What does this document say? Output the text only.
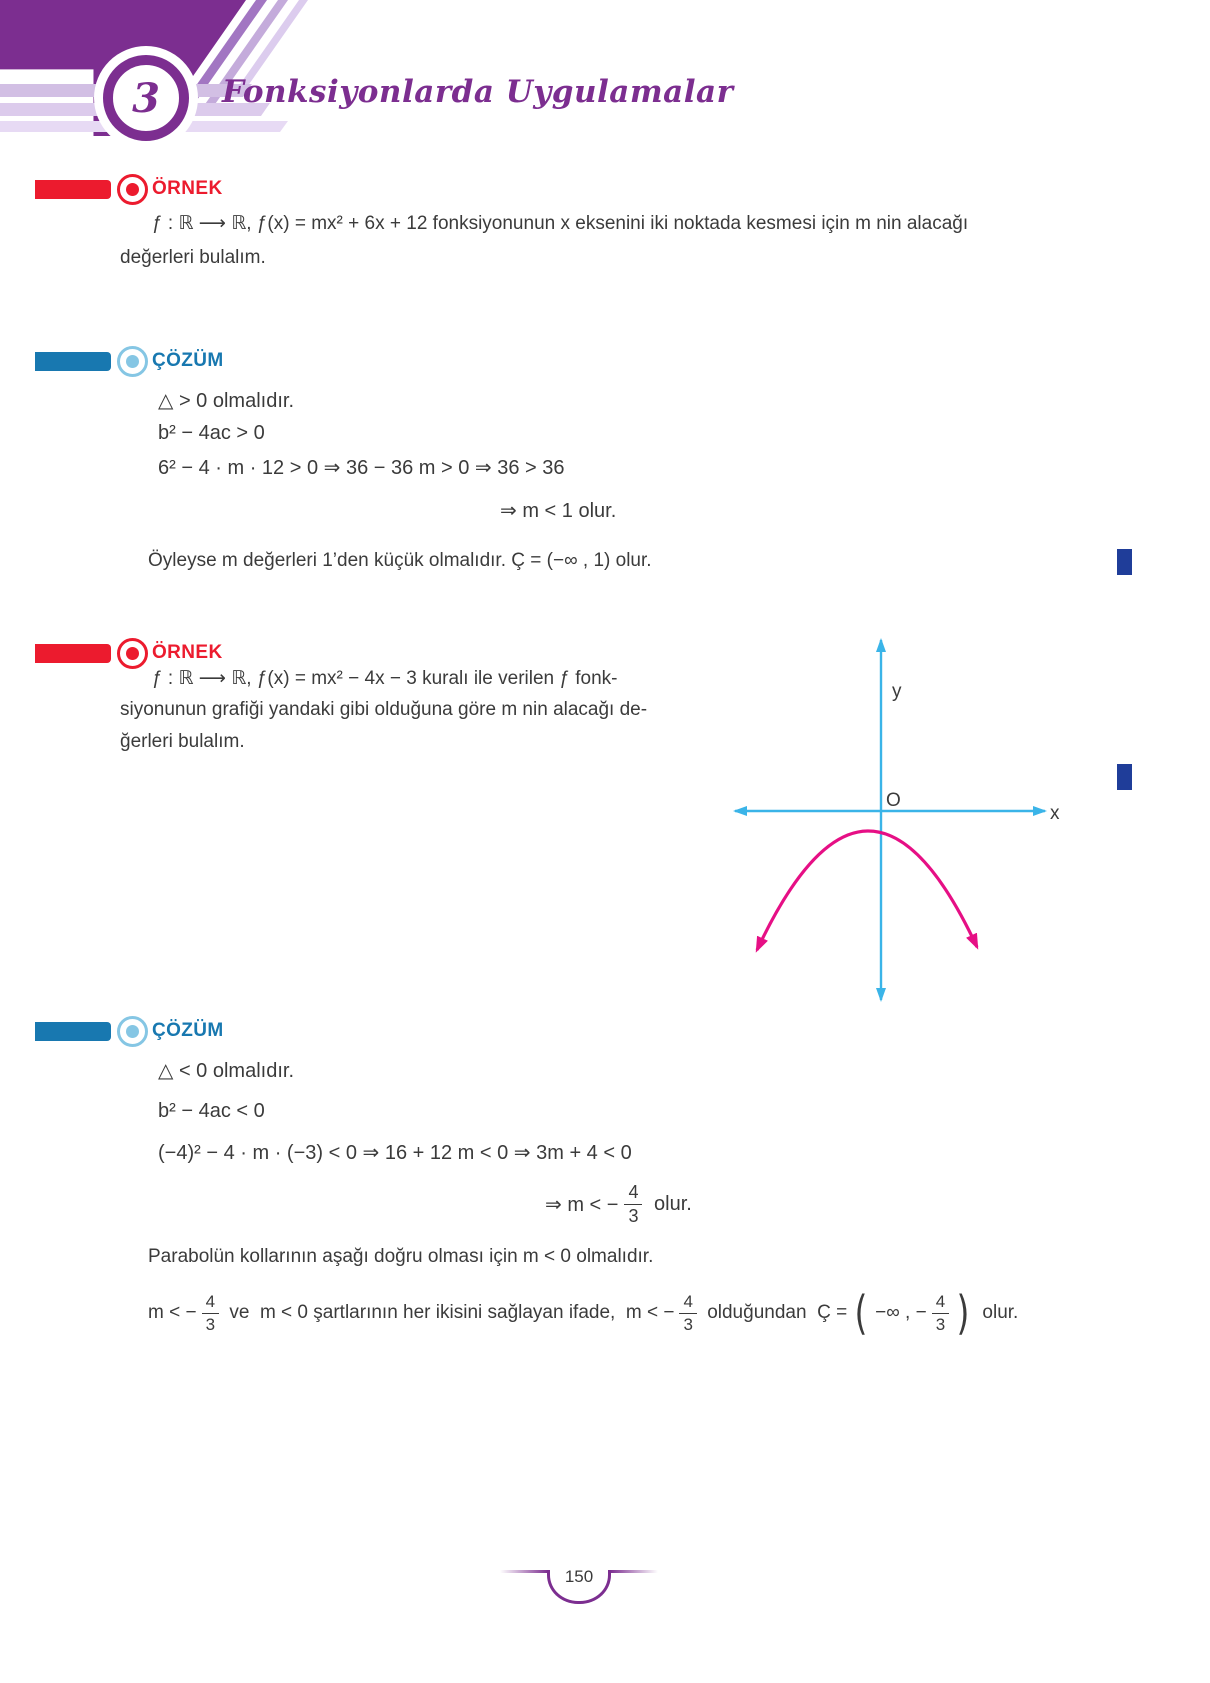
3 Fonksiyonlarda Uygulamalar
ÖRNEK
ƒ : ℝ ⟶ ℝ, ƒ(x) = mx² + 6x + 12 fonksiyonunun x eksenini iki noktada kesmesi için m nin alacağı
değerleri bulalım.
ÇÖZÜM
△ > 0 olmalıdır.
b² − 4ac > 0
6² − 4 · m · 12 > 0 ⇒ 36 − 36 m > 0 ⇒ 36 > 36
⇒ m < 1 olur.
Öyleyse m değerleri 1’den küçük olmalıdır. Ç = (−∞ , 1) olur.
ÖRNEK
ƒ : ℝ ⟶ ℝ, ƒ(x) = mx² − 4x − 3 kuralı ile verilen ƒ fonk-
siyonunun grafiği yandaki gibi olduğuna göre m nin alacağı de-
ğerleri bulalım.
y
x
O
ÇÖZÜM
△ < 0 olmalıdır.
b² − 4ac < 0
(−4)² − 4 · m · (−3) < 0 ⇒ 16 + 12 m < 0 ⇒ 3m + 4 < 0
⇒ m < − $\frac{4}{3}$ olur.
Parabolün kollarının aşağı doğru olması için m < 0 olmalıdır.
m < − $\frac{4}{3}$ ve  m < 0 şartlarının her ikisini sağlayan ifade,  m < − $\frac{4}{3}$ olduğundan  Ç = ( −∞ , − $\frac{4}{3}$ ) olur.
150
